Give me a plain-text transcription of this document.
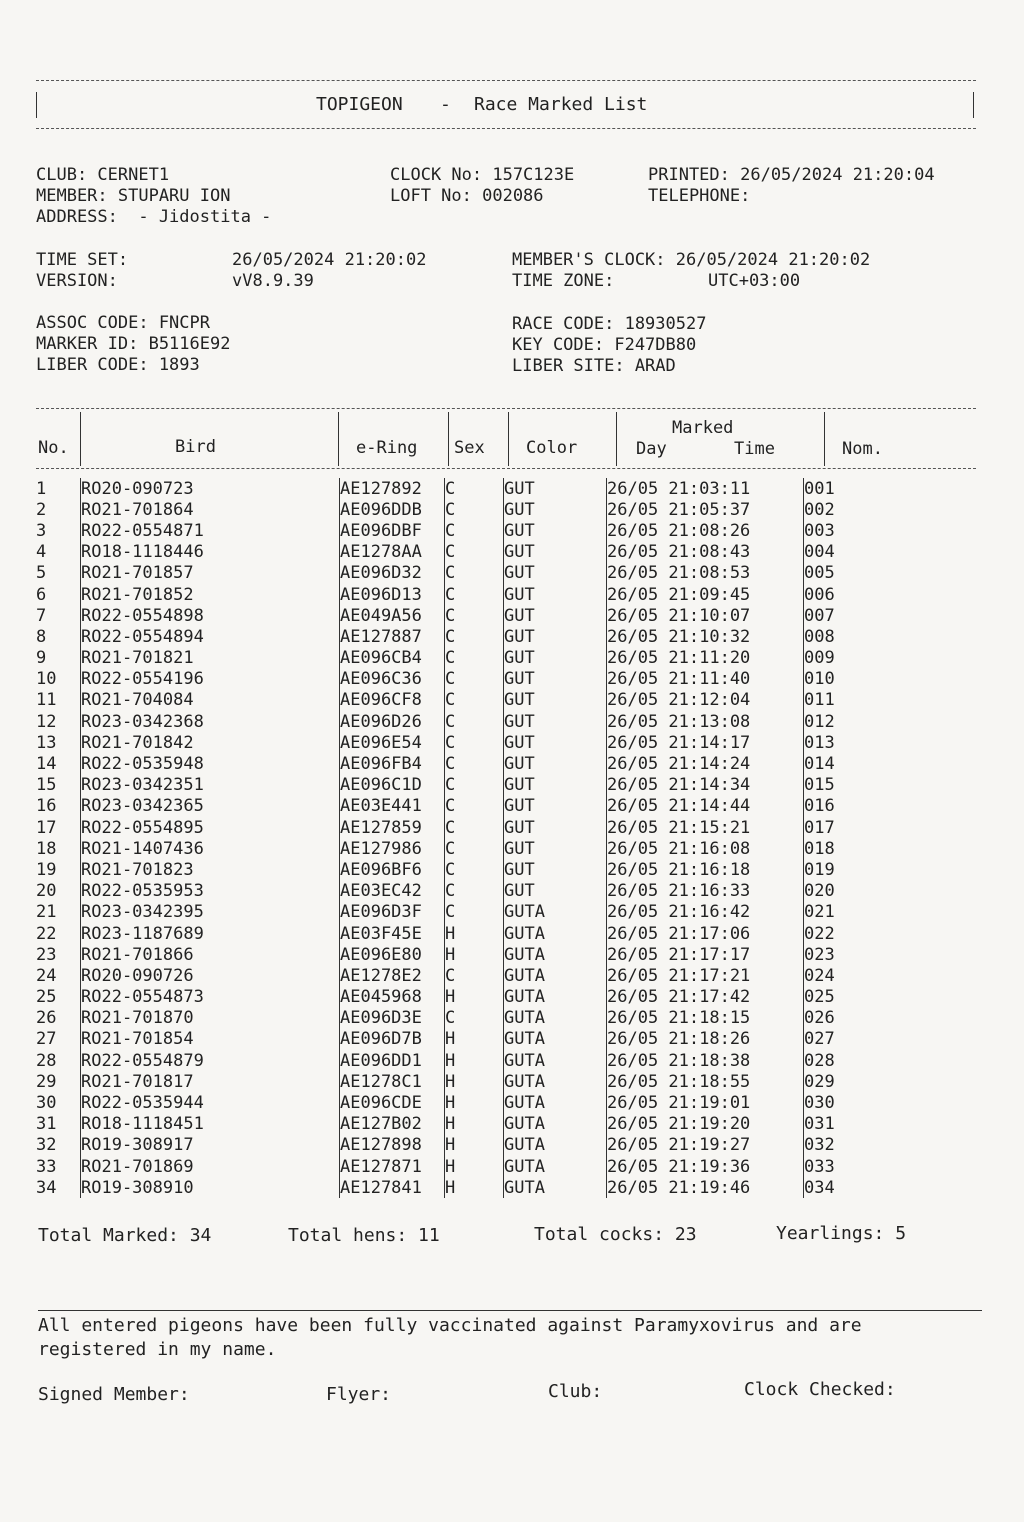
TOPIGEON - Race Marked List
CLUB: CERNET1
MEMBER: STUPARU ION
ADDRESS:  - Jidostita -
CLOCK No: 157C123E
LOFT No: 002086
PRINTED: 26/05/2024 21:20:04
TELEPHONE:
TIME SET:	26/05/2024 21:20:02
VERSION:	vV8.9.39
MEMBER'S CLOCK: 26/05/2024 21:20:02
TIME ZONE:	UTC+03:00
ASSOC CODE: FNCPR
MARKER ID: B5116E92
LIBER CODE: 1893
RACE CODE: 18930527
KEY CODE: F247DB80
LIBER SITE: ARAD
No.	Bird	e-Ring Sex Color
Marked
Day	Time	Nom.
1	RO20-090723	AE127892	C	GUT	26/05 21:03:11	001
2	RO21-701864	AE096DDB	C	GUT	26/05 21:05:37	002
3	RO22-0554871	AE096DBF	C	GUT	26/05 21:08:26	003
4	RO18-1118446	AE1278AA	C	GUT	26/05 21:08:43	004
5	RO21-701857	AE096D32	C	GUT	26/05 21:08:53	005
6	RO21-701852	AE096D13	C	GUT	26/05 21:09:45	006
7	RO22-0554898	AE049A56	C	GUT	26/05 21:10:07	007
8	RO22-0554894	AE127887	C	GUT	26/05 21:10:32	008
9	RO21-701821	AE096CB4	C	GUT	26/05 21:11:20	009
10	RO22-0554196	AE096C36	C	GUT	26/05 21:11:40	010
11	RO21-704084	AE096CF8	C	GUT	26/05 21:12:04	011
12	RO23-0342368	AE096D26	C	GUT	26/05 21:13:08	012
13	RO21-701842	AE096E54	C	GUT	26/05 21:14:17	013
14	RO22-0535948	AE096FB4	C	GUT	26/05 21:14:24	014
15	RO23-0342351	AE096C1D	C	GUT	26/05 21:14:34	015
16	RO23-0342365	AE03E441	C	GUT	26/05 21:14:44	016
17	RO22-0554895	AE127859	C	GUT	26/05 21:15:21	017
18	RO21-1407436	AE127986	C	GUT	26/05 21:16:08	018
19	RO21-701823	AE096BF6	C	GUT	26/05 21:16:18	019
20	RO22-0535953	AE03EC42	C	GUT	26/05 21:16:33	020
21	RO23-0342395	AE096D3F	C	GUTA	26/05 21:16:42	021
22	RO23-1187689	AE03F45E	H	GUTA	26/05 21:17:06	022
23	RO21-701866	AE096E80	H	GUTA	26/05 21:17:17	023
24	RO20-090726	AE1278E2	C	GUTA	26/05 21:17:21	024
25	RO22-0554873	AE045968	H	GUTA	26/05 21:17:42	025
26	RO21-701870	AE096D3E	C	GUTA	26/05 21:18:15	026
27	RO21-701854	AE096D7B	H	GUTA	26/05 21:18:26	027
28	RO22-0554879	AE096DD1	H	GUTA	26/05 21:18:38	028
29	RO21-701817	AE1278C1	H	GUTA	26/05 21:18:55	029
30	RO22-0535944	AE096CDE	H	GUTA	26/05 21:19:01	030
31	RO18-1118451	AE127B02	H	GUTA	26/05 21:19:20	031
32	RO19-308917	AE127898	H	GUTA	26/05 21:19:27	032
33	RO21-701869	AE127871	H	GUTA	26/05 21:19:36	033
34	RO19-308910	AE127841	H	GUTA	26/05 21:19:46	034
Total Marked: 34	Total hens: 11	Total cocks: 23	Yearlings: 5
All entered pigeons have been fully vaccinated against Paramyxovirus and are
registered in my name.
Signed Member:	Flyer:	Club:	Clock Checked:
